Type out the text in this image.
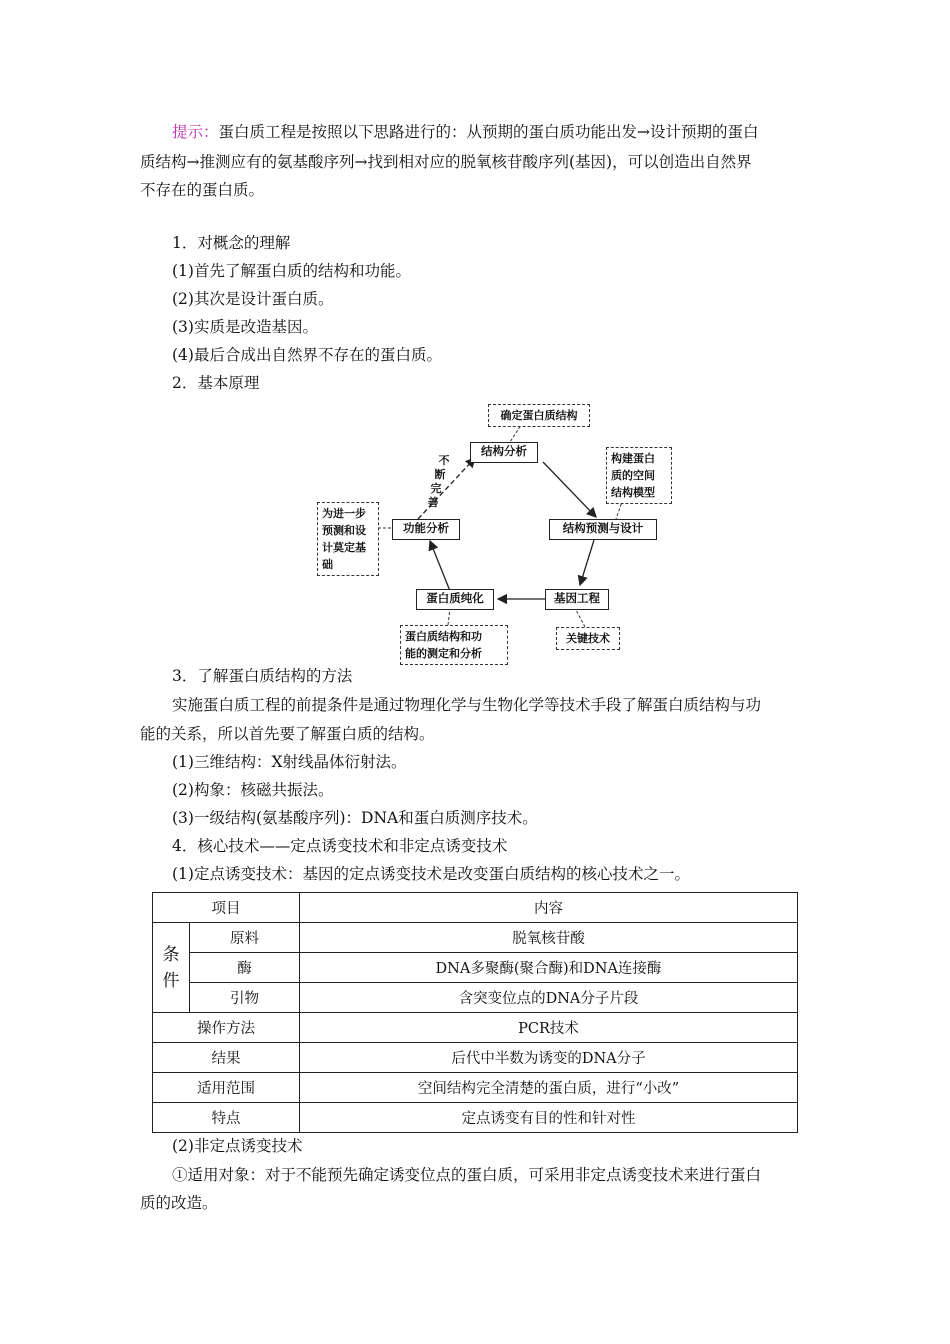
提示：蛋白质工程是按照以下思路进行的：从预期的蛋白质功能出发→设计预期的蛋白
质结构→推测应有的氨基酸序列→找到相对应的脱氧核苷酸序列(基因)，可以创造出自然界
不存在的蛋白质。
1．对概念的理解
(1)首先了解蛋白质的结构和功能。
(2)其次是设计蛋白质。
(3)实质是改造基因。
(4)最后合成出自然界不存在的蛋白质。
2．基本原理
确定蛋白质结构
结构分析
构建蛋白
质的空间
结构模型
结构预测与设计
基因工程
关键技术
蛋白质纯化
蛋白质结构和功
能的测定和分析
功能分析
为进一步
预测和设
计莫定基
础
不
断
完
善
3．了解蛋白质结构的方法
实施蛋白质工程的前提条件是通过物理化学与生物化学等技术手段了解蛋白质结构与功
能的关系，所以首先要了解蛋白质的结构。
(1)三维结构：X射线晶体衍射法。
(2)构象：核磁共振法。
(3)一级结构(氨基酸序列)：DNA和蛋白质测序技术。
4．核心技术——定点诱变技术和非定点诱变技术
(1)定点诱变技术：基因的定点诱变技术是改变蛋白质结构的核心技术之一。
项目		内容

条
件	原料	脱氧核苷酸
	酶	DNA多聚酶(聚合酶)和DNA连接酶
	引物	含突变位点的DNA分子片段
操作方法		PCR技术
结果		后代中半数为诱变的DNA分子
适用范围		空间结构完全清楚的蛋白质，进行“小改”
特点		定点诱变有目的性和针对性
(2)非定点诱变技术
①适用对象：对于不能预先确定诱变位点的蛋白质，可采用非定点诱变技术来进行蛋白
质的改造。
